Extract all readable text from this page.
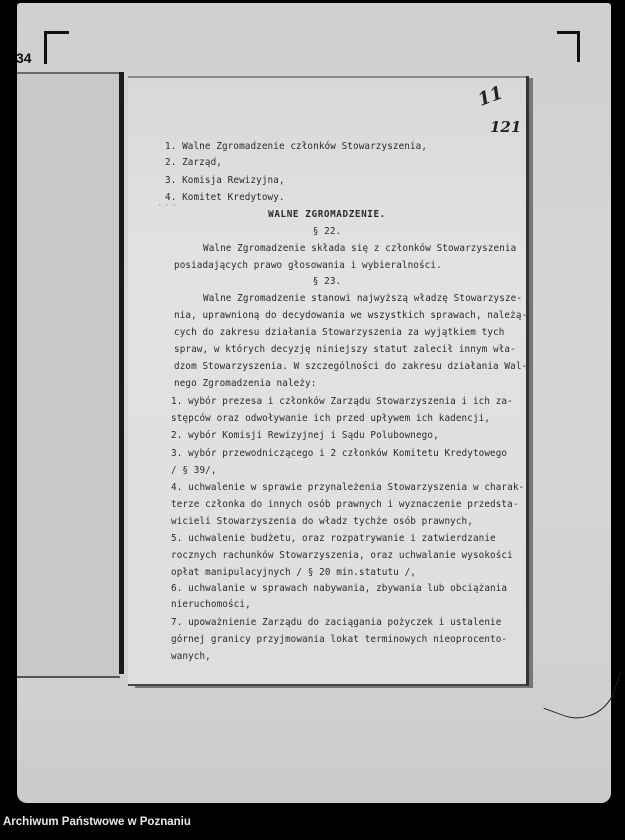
34
11
121
· · ·
1. Walne Zgromadzenie członków Stowarzyszenia,
2. Zarząd,
3. Komisja Rewizyjna,
4. Komitet Kredytowy.
WALNE ZGROMADZENIE.
§ 22.
Walne Zgromadzenie składa się z członków Stowarzyszenia
posiadających prawo głosowania i wybieralności.
§ 23.
Walne Zgromadzenie stanowi najwyższą władzę Stowarzysze-
nia, uprawnioną do decydowania we wszystkich sprawach, należą-
cych do zakresu działania Stowarzyszenia za wyjątkiem tych
spraw, w których decyzję niniejszy statut zalecił innym wła-
dzom Stowarzyszenia. W szczególności do zakresu działania Wal-
nego Zgromadzenia należy:
1. wybór prezesa i członków Zarządu Stowarzyszenia i ich za-
stępców oraz odwoływanie ich przed upływem ich kadencji,
2. wybór Komisji Rewizyjnej i Sądu Polubownego,
3. wybór przewodniczącego i 2 członków Komitetu Kredytowego
/ § 39/,
4. uchwalenie w sprawie przynależenia Stowarzyszenia w charak-
terze członka do innych osób prawnych i wyznaczenie przedsta-
wicieli Stowarzyszenia do władz tychże osób prawnych,
5. uchwalenie budżetu, oraz rozpatrywanie i zatwierdzanie
rocznych rachunków Stowarzyszenia, oraz uchwalanie wysokości
opłat manipulacyjnych / § 20 min.statutu /,
6. uchwalanie w sprawach nabywania, zbywania lub obciążania
nieruchomości,
7. upoważnienie Zarządu do zaciągania pożyczek i ustalenie
górnej granicy przyjmowania lokat terminowych nieoprocento-
wanych,
Archiwum Państwowe w Poznaniu
